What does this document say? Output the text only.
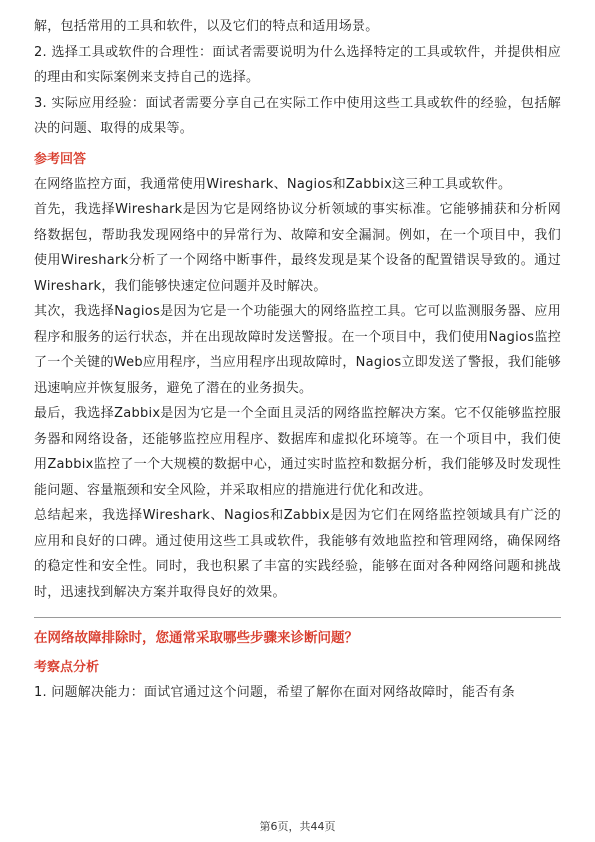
解，包括常用的工具和软件，以及它们的特点和适用场景。

2. 选择工具或软件的合理性：面试者需要说明为什么选择特定的工具或软件，并提供相应的理由和实际案例来支持自己的选择。

3. 实际应用经验：面试者需要分享自己在实际工作中使用这些工具或软件的经验，包括解决的问题、取得的成果等。

参考回答

在网络监控方面，我通常使用Wireshark、Nagios和Zabbix这三种工具或软件。

首先，我选择Wireshark是因为它是网络协议分析领域的事实标准。它能够捕获和分析网络数据包，帮助我发现网络中的异常行为、故障和安全漏洞。例如，在一个项目中，我们使用Wireshark分析了一个网络中断事件，最终发现是某个设备的配置错误导致的。通过Wireshark，我们能够快速定位问题并及时解决。

其次，我选择Nagios是因为它是一个功能强大的网络监控工具。它可以监测服务器、应用程序和服务的运行状态，并在出现故障时发送警报。在一个项目中，我们使用Nagios监控了一个关键的Web应用程序，当应用程序出现故障时，Nagios立即发送了警报，我们能够迅速响应并恢复服务，避免了潜在的业务损失。

最后，我选择Zabbix是因为它是一个全面且灵活的网络监控解决方案。它不仅能够监控服务器和网络设备，还能够监控应用程序、数据库和虚拟化环境等。在一个项目中，我们使用Zabbix监控了一个大规模的数据中心，通过实时监控和数据分析，我们能够及时发现性能问题、容量瓶颈和安全风险，并采取相应的措施进行优化和改进。

总结起来，我选择Wireshark、Nagios和Zabbix是因为它们在网络监控领域具有广泛的应用和良好的口碑。通过使用这些工具或软件，我能够有效地监控和管理网络，确保网络的稳定性和安全性。同时，我也积累了丰富的实践经验，能够在面对各种网络问题和挑战时，迅速找到解决方案并取得良好的效果。

在网络故障排除时，您通常采取哪些步骤来诊断问题？

考察点分析

1. 问题解决能力：面试官通过这个问题，希望了解你在面对网络故障时，能否有条

第6页，共44页
